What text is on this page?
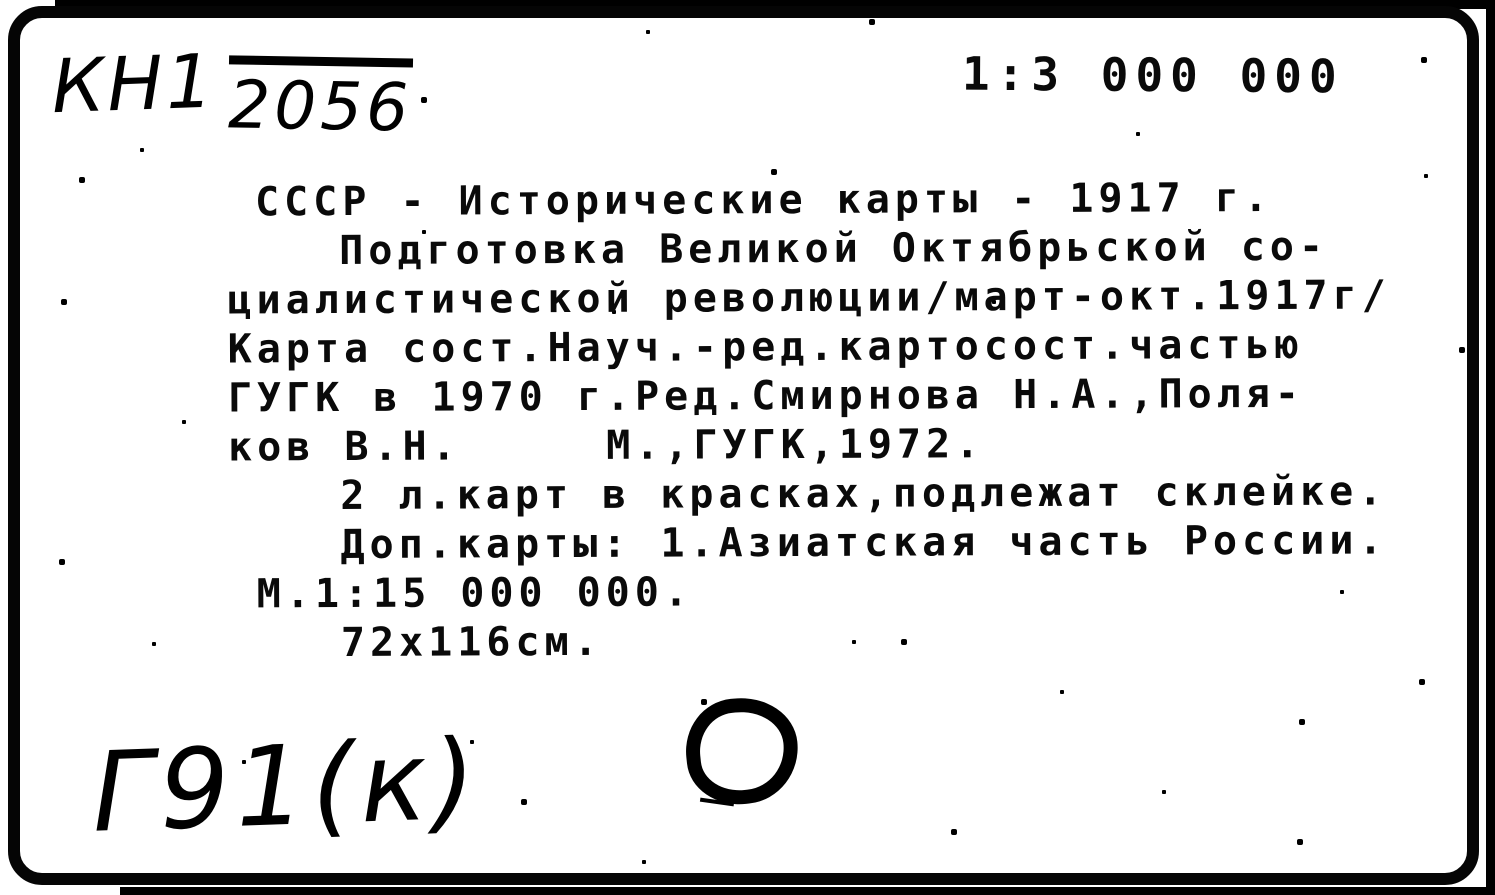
КН1 2056	1:3 000 000
СССР - Исторические карты - 1917 г.
Подготовка Великой Октябрьской со-
циалистической революции/март-окт.1917г/
Карта сост.Науч.-ред.картосост.частью
ГУГК в 1970 г.Ред.Смирнова Н.А.,Поля-
ков В.Н.     М.,ГУГК,1972.
2 л.карт в красках,подлежат склейке.
Доп.карты: 1.Азиатская часть России.
М.1:15 000 000.
72х116см.
Г91(к)
